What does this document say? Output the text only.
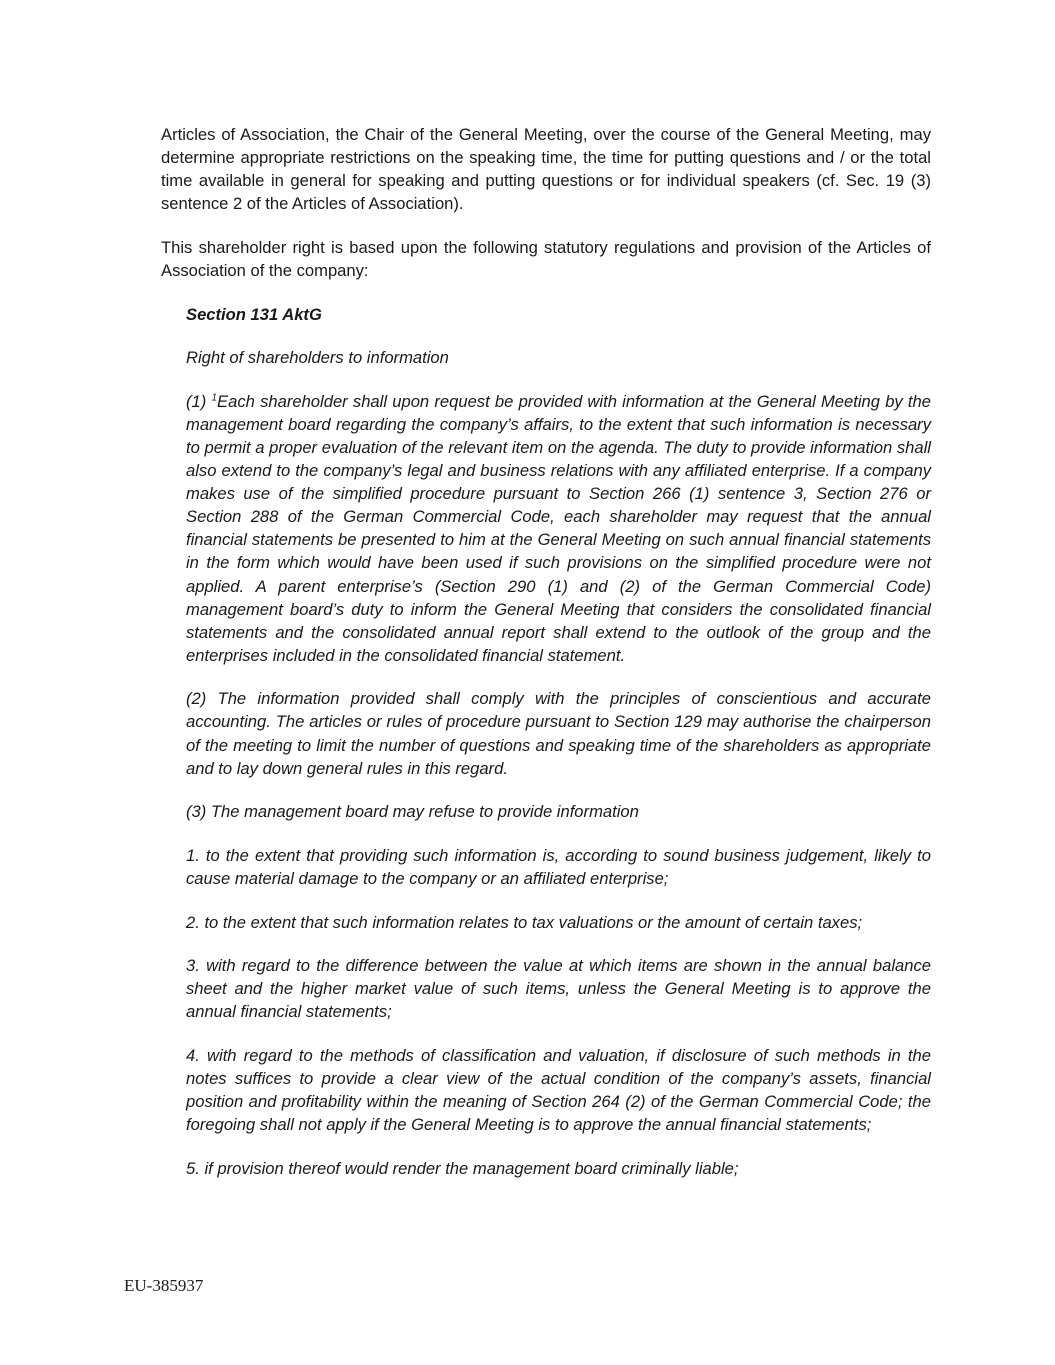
Articles of Association, the Chair of the General Meeting, over the course of the General Meeting, may determine appropriate restrictions on the speaking time, the time for putting questions and / or the total time available in general for speaking and putting questions or for individual speakers (cf. Sec. 19 (3) sentence 2 of the Articles of Association).

This shareholder right is based upon the following statutory regulations and provision of the Articles of Association of the company:

Section 131 AktG

Right of shareholders to information

(1) $^1$Each shareholder shall upon request be provided with information at the General Meeting by the management board regarding the company’s affairs, to the extent that such information is necessary to permit a proper evaluation of the relevant item on the agenda. The duty to provide information shall also extend to the company’s legal and business relations with any affiliated enterprise. If a company makes use of the simplified procedure pursuant to Section 266 (1) sentence 3, Section 276 or Section 288 of the German Commercial Code, each shareholder may request that the annual financial statements be presented to him at the General Meeting on such annual financial statements in the form which would have been used if such provisions on the simplified procedure were not applied. A parent enterprise’s (Section 290 (1) and (2) of the German Commercial Code) management board’s duty to inform the General Meeting that considers the consolidated financial statements and the consolidated annual report shall extend to the outlook of the group and the enterprises included in the consolidated financial statement.

(2) The information provided shall comply with the principles of conscientious and accurate accounting. The articles or rules of procedure pursuant to Section 129 may authorise the chairperson of the meeting to limit the number of questions and speaking time of the shareholders as appropriate and to lay down general rules in this regard.

(3) The management board may refuse to provide information

1. to the extent that providing such information is, according to sound business judgement, likely to cause material damage to the company or an affiliated enterprise;

2. to the extent that such information relates to tax valuations or the amount of certain taxes;

3. with regard to the difference between the value at which items are shown in the annual balance sheet and the higher market value of such items, unless the General Meeting is to approve the annual financial statements;

4. with regard to the methods of classification and valuation, if disclosure of such methods in the notes suffices to provide a clear view of the actual condition of the company’s assets, financial position and profitability within the meaning of Section 264 (2) of the German Commercial Code; the foregoing shall not apply if the General Meeting is to approve the annual financial statements;

5. if provision thereof would render the management board criminally liable;

EU-385937
